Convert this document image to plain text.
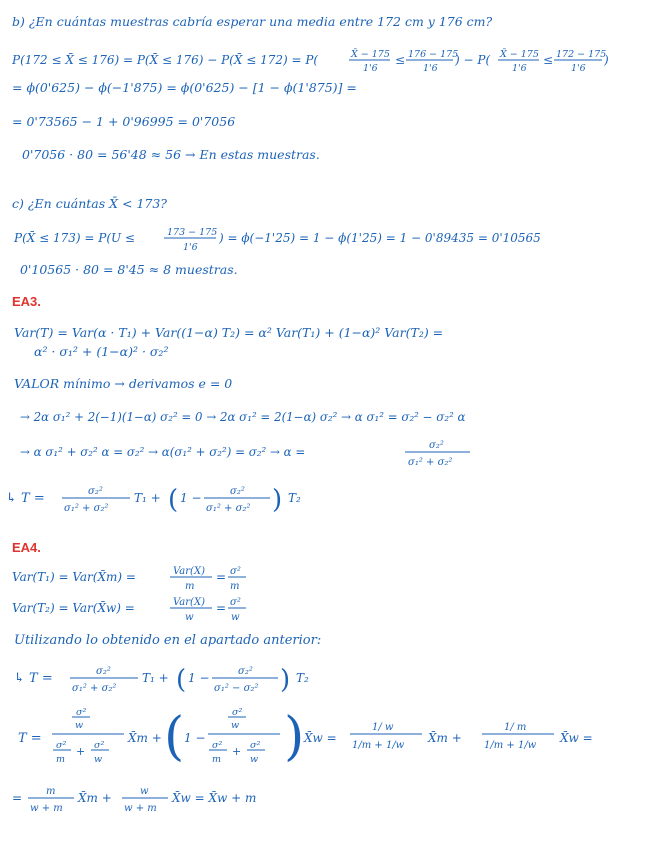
b) ¿En cuántas muestras cabría esperar una media entre 172 cm y 176 cm?
P(172 ≤ X̄ ≤ 176) = P(X̄ ≤ 176) − P(X̄ ≤ 172) = P(	X̄ − 175
1'6
≤ 176 − 175
1'6
) − P( X̄ − 175
1'6
≤ 172 − 175
1'6
)
= ϕ(0'625) − ϕ(−1'875) = ϕ(0'625) − [1 − ϕ(1'875)] =
= 0'73565 − 1 + 0'96995 = 0'7056
0'7056 · 80 = 56'48 ≈ 56 → En estas muestras.
c) ¿En cuántas X̄ < 173?
P(X̄ ≤ 173) = P(U ≤	173 − 175
1'6
) = ϕ(−1'25) = 1 − ϕ(1'25) = 1 − 0'89435 = 0'10565
0'10565 · 80 = 8'45 ≈ 8 muestras.
EA3.
Var(T) = Var(α · T₁) + Var((1−α) T₂) = α² Var(T₁) + (1−α)² Var(T₂) =
α² · σ₁² + (1−α)² · σ₂²
VALOR mínimo → derivamos e = 0
→ 2α σ₁² + 2(−1)(1−α) σ₂² = 0 → 2α σ₁² = 2(1−α) σ₂² → α σ₁² = σ₂² − σ₂² α
→ α σ₁² + σ₂² α = σ₂² → α(σ₁² + σ₂²) = σ₂² → α =	σ₂²
σ₁² + σ₂²
↳ T =	σ₂²
σ₁² + σ₂²
T₁ + ( 1 −	σ₂²
σ₁² + σ₂² ) T₂
EA4.
Var(T₁) = Var(X̄m) =	Var(X)
m
= σ²
m
Var(T₂) = Var(X̄w) =	Var(X)
w
= σ²
w
Utilizando lo obtenido en el apartado anterior:
↳ T =	σ₂²
σ₁² + σ₂²
T₁ + ( 1 −	σ₂²
σ₁² − σ₂² ) T₂
T =
σ²
w
σ²
m
+ σ²
w
X̄m + ( 1 −
σ²
w
σ²
m
+ σ²
w ) X̄w =
1/ w
1/m + 1/w
X̄m +
1/ m
1/m + 1/w
X̄w =
= m
w + m
X̄m +	w
w + m
X̄w = X̄w + m
